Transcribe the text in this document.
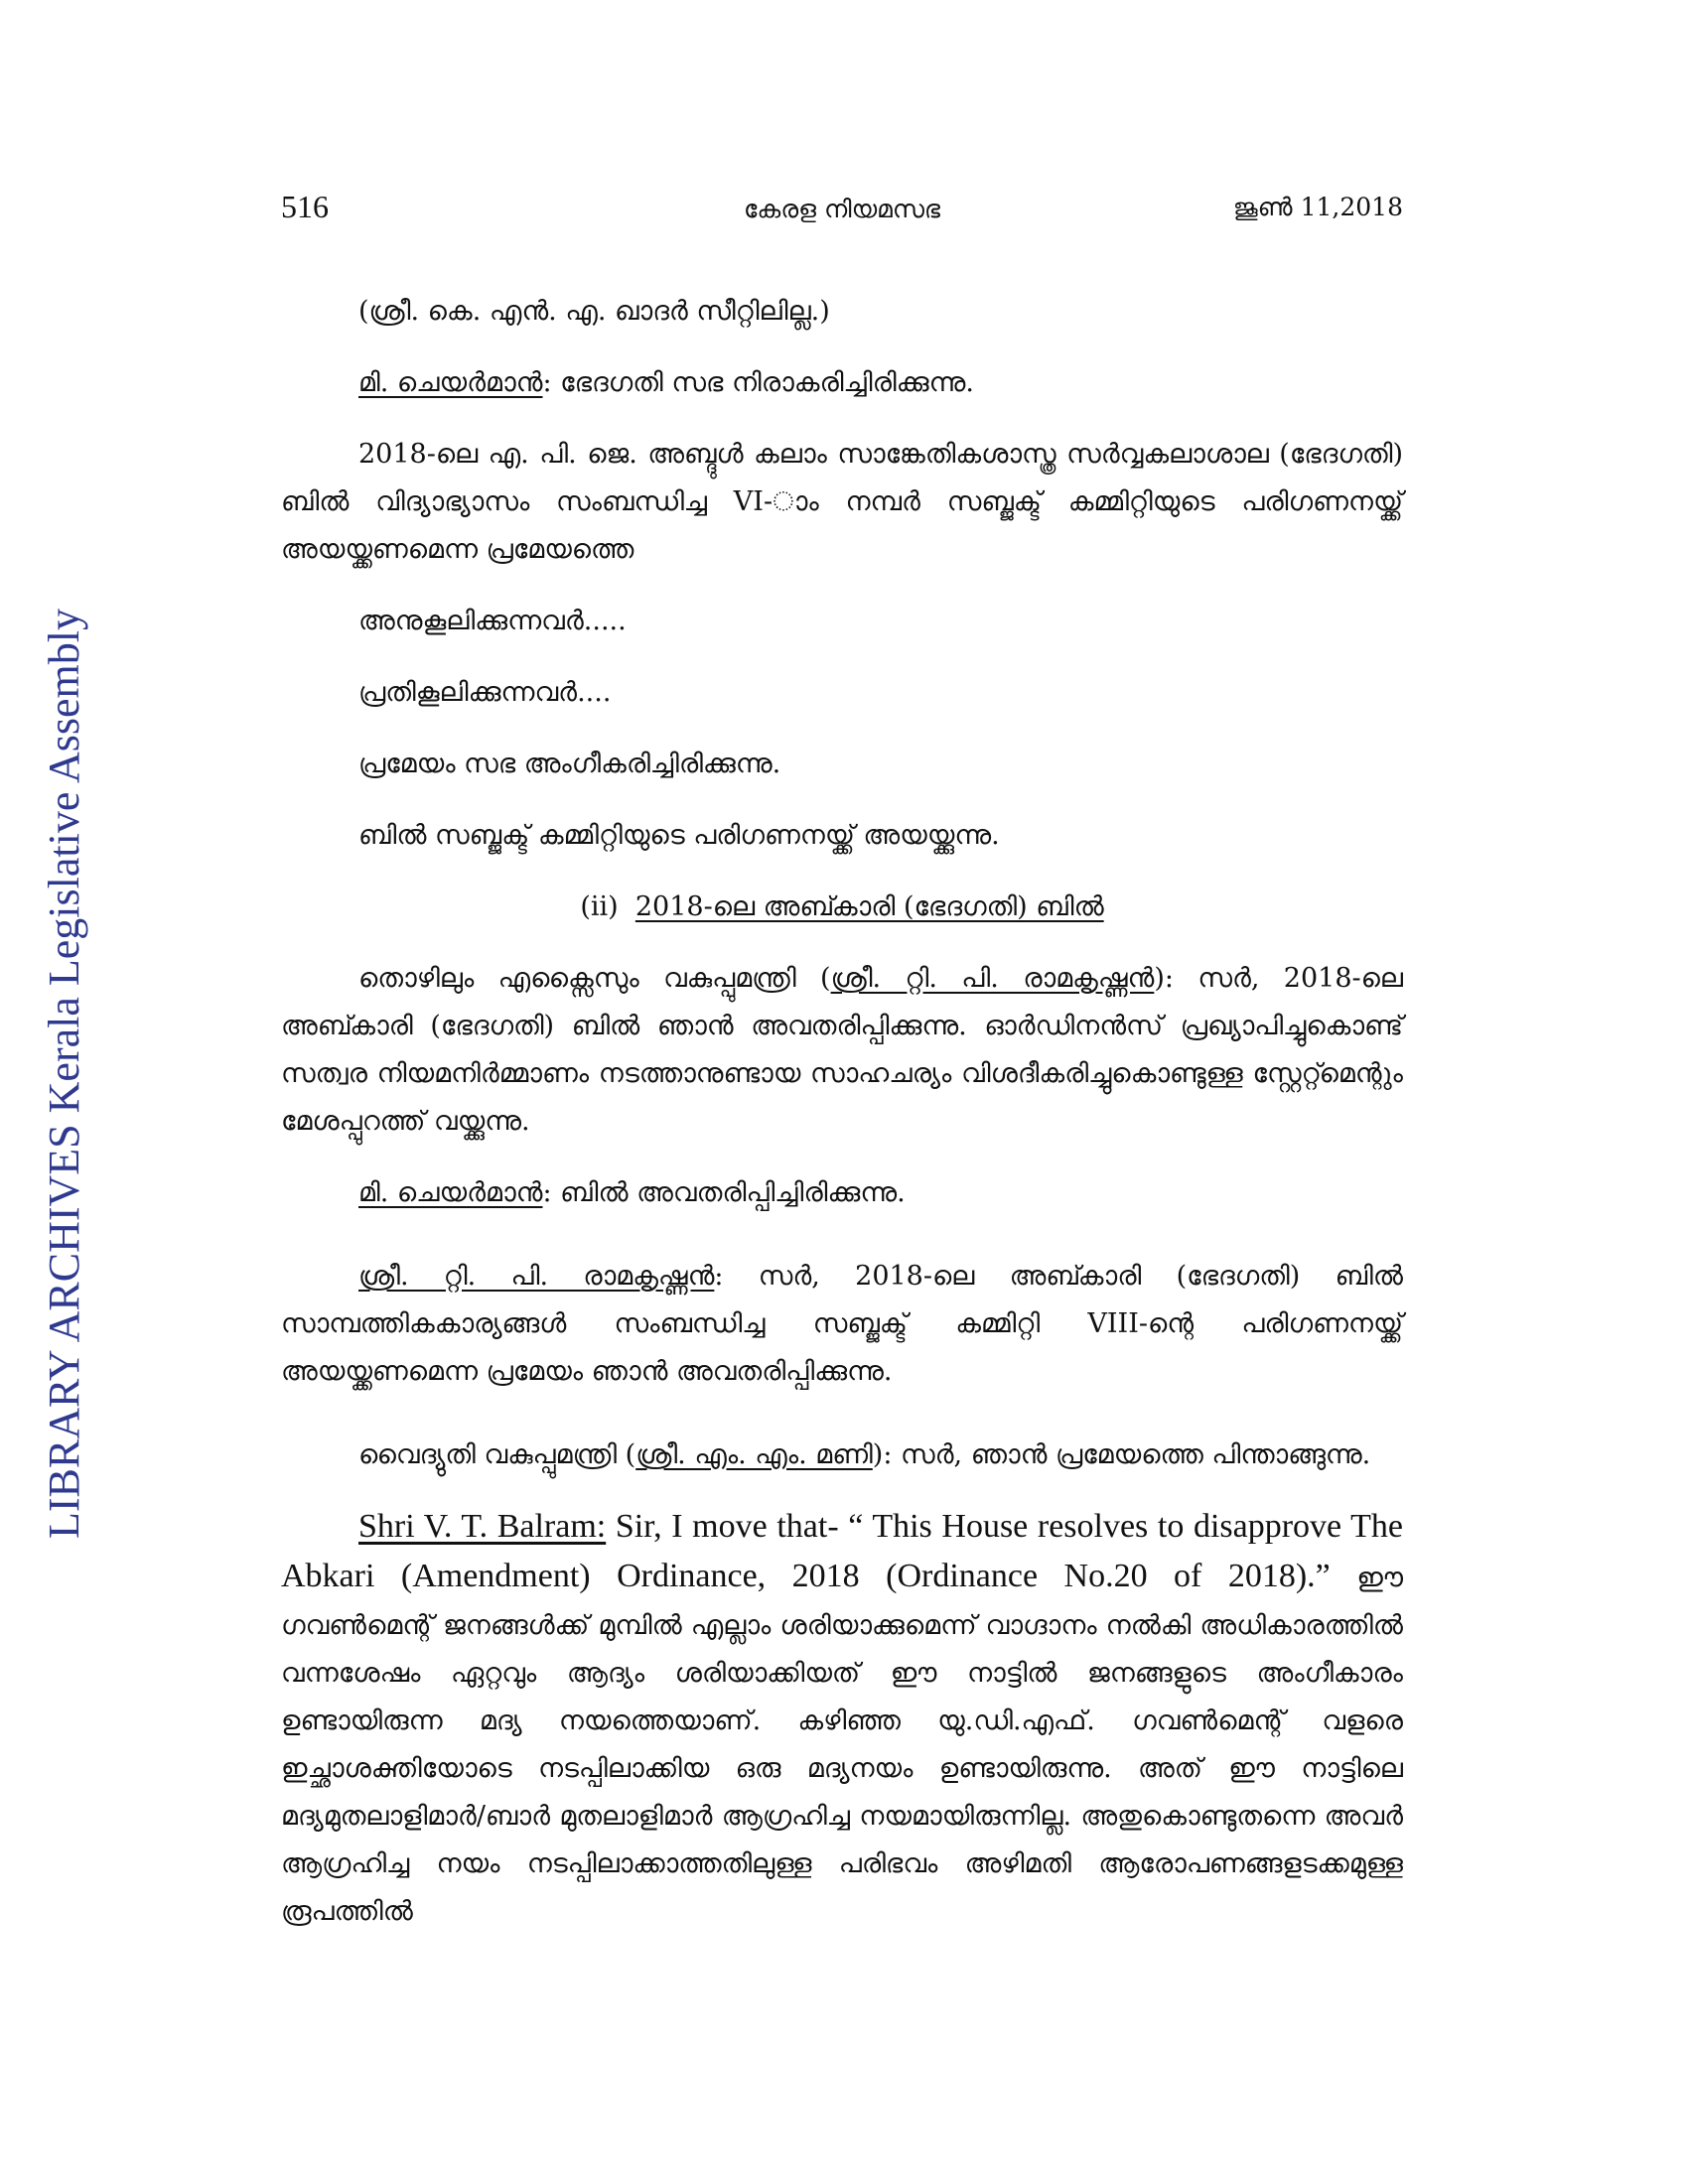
LIBRARY ARCHIVES Kerala Legislative Assembly
516	കേരള നിയമസഭ	ജൂൺ 11,2018

(ശ്രീ. കെ. എൻ. എ. ഖാദർ സീറ്റിലില്ല.)

മി. ചെയർമാൻ: ഭേദഗതി സഭ നിരാകരിച്ചിരിക്കുന്നു.

2018-ലെ എ. പി. ജെ. അബ്ദുൾ കലാം സാങ്കേതികശാസ്ത്ര സർവ്വകലാശാല (ഭേദഗതി) ബിൽ വിദ്യാഭ്യാസം സംബന്ധിച്ച VI-ാം നമ്പർ സബ്ജക്ട് കമ്മിറ്റിയുടെ പരിഗണനയ്ക്ക് അയയ്ക്കണമെന്ന പ്രമേയത്തെ

അനുകൂലിക്കുന്നവർ.....

പ്രതികൂലിക്കുന്നവർ....

പ്രമേയം സഭ അംഗീകരിച്ചിരിക്കുന്നു.

ബിൽ സബ്ജക്ട് കമ്മിറ്റിയുടെ പരിഗണനയ്ക്ക് അയയ്ക്കുന്നു.

(ii) 2018-ലെ അബ്കാരി (ഭേദഗതി) ബിൽ

തൊഴിലും എക്സൈസും വകുപ്പുമന്ത്രി (ശ്രീ. റ്റി. പി. രാമകൃഷ്ണൻ): സർ, 2018-ലെ അബ്കാരി (ഭേദഗതി) ബിൽ ഞാൻ അവതരിപ്പിക്കുന്നു. ഓർഡിനൻസ് പ്രഖ്യാപിച്ചുകൊണ്ട് സത്വര നിയമനിർമ്മാണം നടത്താനുണ്ടായ സാഹചര്യം വിശദീകരിച്ചുകൊണ്ടുള്ള സ്റ്റേറ്റ്മെന്റും മേശപ്പുറത്ത് വയ്ക്കുന്നു.

മി. ചെയർമാൻ: ബിൽ അവതരിപ്പിച്ചിരിക്കുന്നു.

ശ്രീ. റ്റി. പി. രാമകൃഷ്ണൻ: സർ, 2018-ലെ അബ്കാരി (ഭേദഗതി) ബിൽ സാമ്പത്തികകാര്യങ്ങൾ സംബന്ധിച്ച സബ്ജക്ട് കമ്മിറ്റി VIII-ന്റെ പരിഗണനയ്ക്ക് അയയ്ക്കണമെന്ന പ്രമേയം ഞാൻ അവതരിപ്പിക്കുന്നു.

വൈദ്യുതി വകുപ്പുമന്ത്രി (ശ്രീ. എം. എം. മണി): സർ, ഞാൻ പ്രമേയത്തെ പിന്താങ്ങുന്നു.

Shri V. T. Balram: Sir, I move that- “ This House resolves to disapprove The Abkari (Amendment) Ordinance, 2018 (Ordinance No.20 of 2018).” ഈ ഗവൺമെന്റ് ജനങ്ങൾക്ക് മുമ്പിൽ എല്ലാം ശരിയാക്കുമെന്ന് വാഗ്ദാനം നൽകി അധികാരത്തിൽ വന്നശേഷം ഏറ്റവും ആദ്യം ശരിയാക്കിയത് ഈ നാട്ടിൽ ജനങ്ങളുടെ അംഗീകാരം ഉണ്ടായിരുന്ന മദ്യ നയത്തെയാണ്. കഴിഞ്ഞ യു.ഡി.എഫ്. ഗവൺമെന്റ് വളരെ ഇച്ഛാശക്തിയോടെ നടപ്പിലാക്കിയ ഒരു മദ്യനയം ഉണ്ടായിരുന്നു. അത് ഈ നാട്ടിലെ മദ്യമുതലാളിമാർ/ബാർ മുതലാളിമാർ ആഗ്രഹിച്ച നയമായിരുന്നില്ല. അതുകൊണ്ടുതന്നെ അവർ ആഗ്രഹിച്ച നയം നടപ്പിലാക്കാത്തതിലുള്ള പരിഭവം അഴിമതി ആരോപണങ്ങളടക്കമുള്ള രൂപത്തിൽ
